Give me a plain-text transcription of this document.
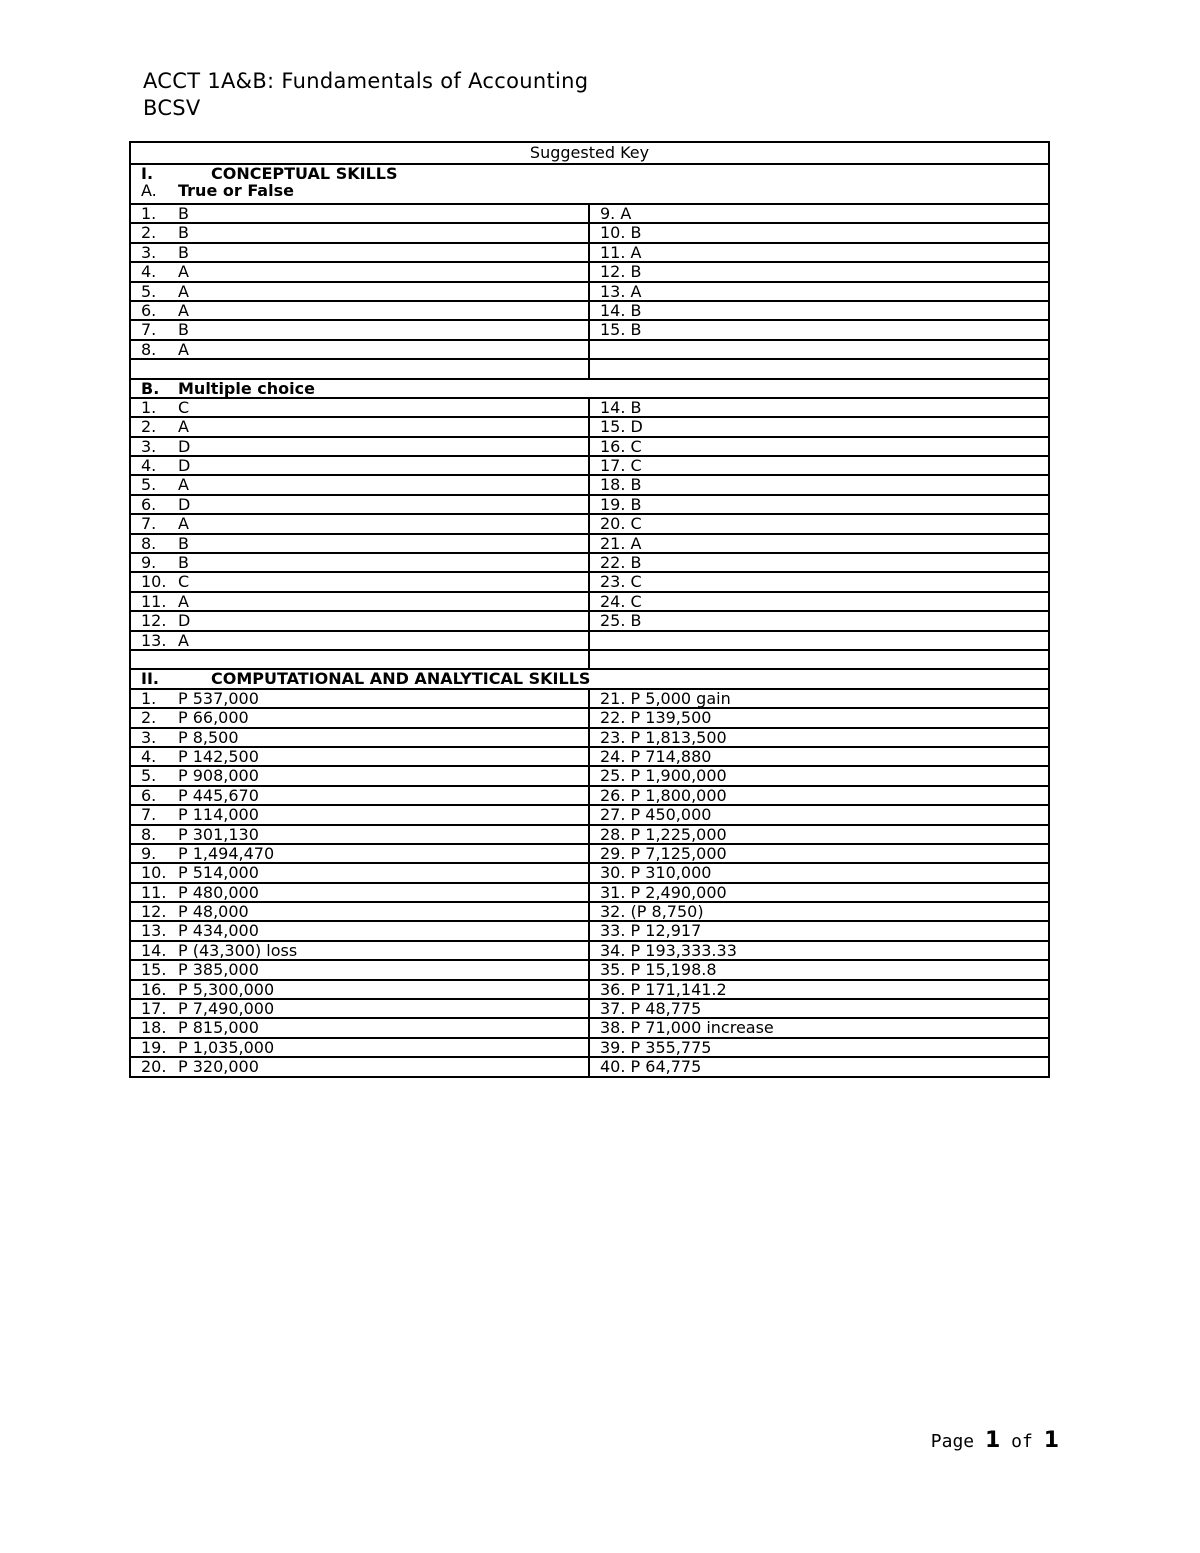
ACCT 1A&B: Fundamentals of Accounting
BCSV
Suggested Key	

I. CONCEPTUAL SKILLS
A. True or False	

1. B	9. A
2. B	10. B
3. B	11. A
4. A	12. B
5. A	13. A
6. A	14. B
7. B	15. B
8. A	

B. Multiple choice	
1. C	14. B
2. A	15. D
3. D	16. C
4. D	17. C
5. A	18. B
6. D	19. B
7. A	20. C
8. B	21. A
9. B	22. B
10. C	23. C
11. A	24. C
12. D	25. B
13. A	

II. COMPUTATIONAL AND ANALYTICAL SKILLS	
1. P 537,000	21. P 5,000 gain
2. P 66,000	22. P 139,500
3. P 8,500	23. P 1,813,500
4. P 142,500	24. P 714,880
5. P 908,000	25. P 1,900,000
6. P 445,670	26. P 1,800,000
7. P 114,000	27. P 450,000
8. P 301,130	28. P 1,225,000
9. P 1,494,470	29. P 7,125,000
10. P 514,000	30. P 310,000
11. P 480,000	31. P 2,490,000
12. P 48,000	32. (P 8,750)
13. P 434,000	33. P 12,917
14. P (43,300) loss	34. P 193,333.33
15. P 385,000	35. P 15,198.8
16. P 5,300,000	36. P 171,141.2
17. P 7,490,000	37. P 48,775
18. P 815,000	38. P 71,000 increase
19. P 1,035,000	39. P 355,775
20. P 320,000	40. P 64,775
Page 1 of 1
